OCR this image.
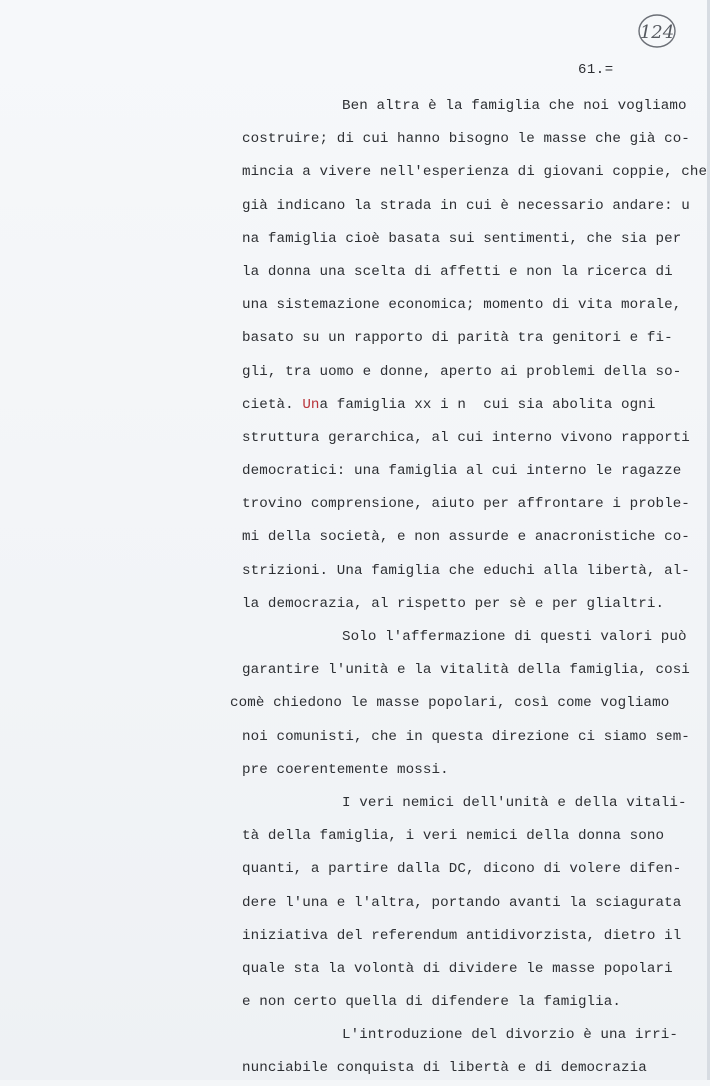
124
61.=
Ben altra è la famiglia che noi vogliamo
costruire; di cui hanno bisogno le masse che già co-
mincia a vivere nell'esperienza di giovani coppie, che
già indicano la strada in cui è necessario andare: u
na famiglia cioè basata sui sentimenti, che sia per
la donna una scelta di affetti e non la ricerca di
una sistemazione economica; momento di vita morale,
basato su un rapporto di parità tra genitori e fi-
gli, tra uomo e donne, aperto ai problemi della so-
cietà. Una famiglia xx i n  cui sia abolita ogni
struttura gerarchica, al cui interno vivono rapporti
democratici: una famiglia al cui interno le ragazze
trovino comprensione, aiuto per affrontare i proble-
mi della società, e non assurde e anacronistiche co-
strizioni. Una famiglia che educhi alla libertà, al-
la democrazia, al rispetto per sè e per glialtri.
Solo l'affermazione di questi valori può
garantire l'unità e la vitalità della famiglia, cosi
comè chiedono le masse popolari, così come vogliamo
noi comunisti, che in questa direzione ci siamo sem-
pre coerentemente mossi.
I veri nemici dell'unità e della vitali-
tà della famiglia, i veri nemici della donna sono
quanti, a partire dalla DC, dicono di volere difen-
dere l'una e l'altra, portando avanti la sciagurata
iniziativa del referendum antidivorzista, dietro il
quale sta la volontà di dividere le masse popolari
e non certo quella di difendere la famiglia.
L'introduzione del divorzio è una irri-
nunciabile conquista di libertà e di democrazia
